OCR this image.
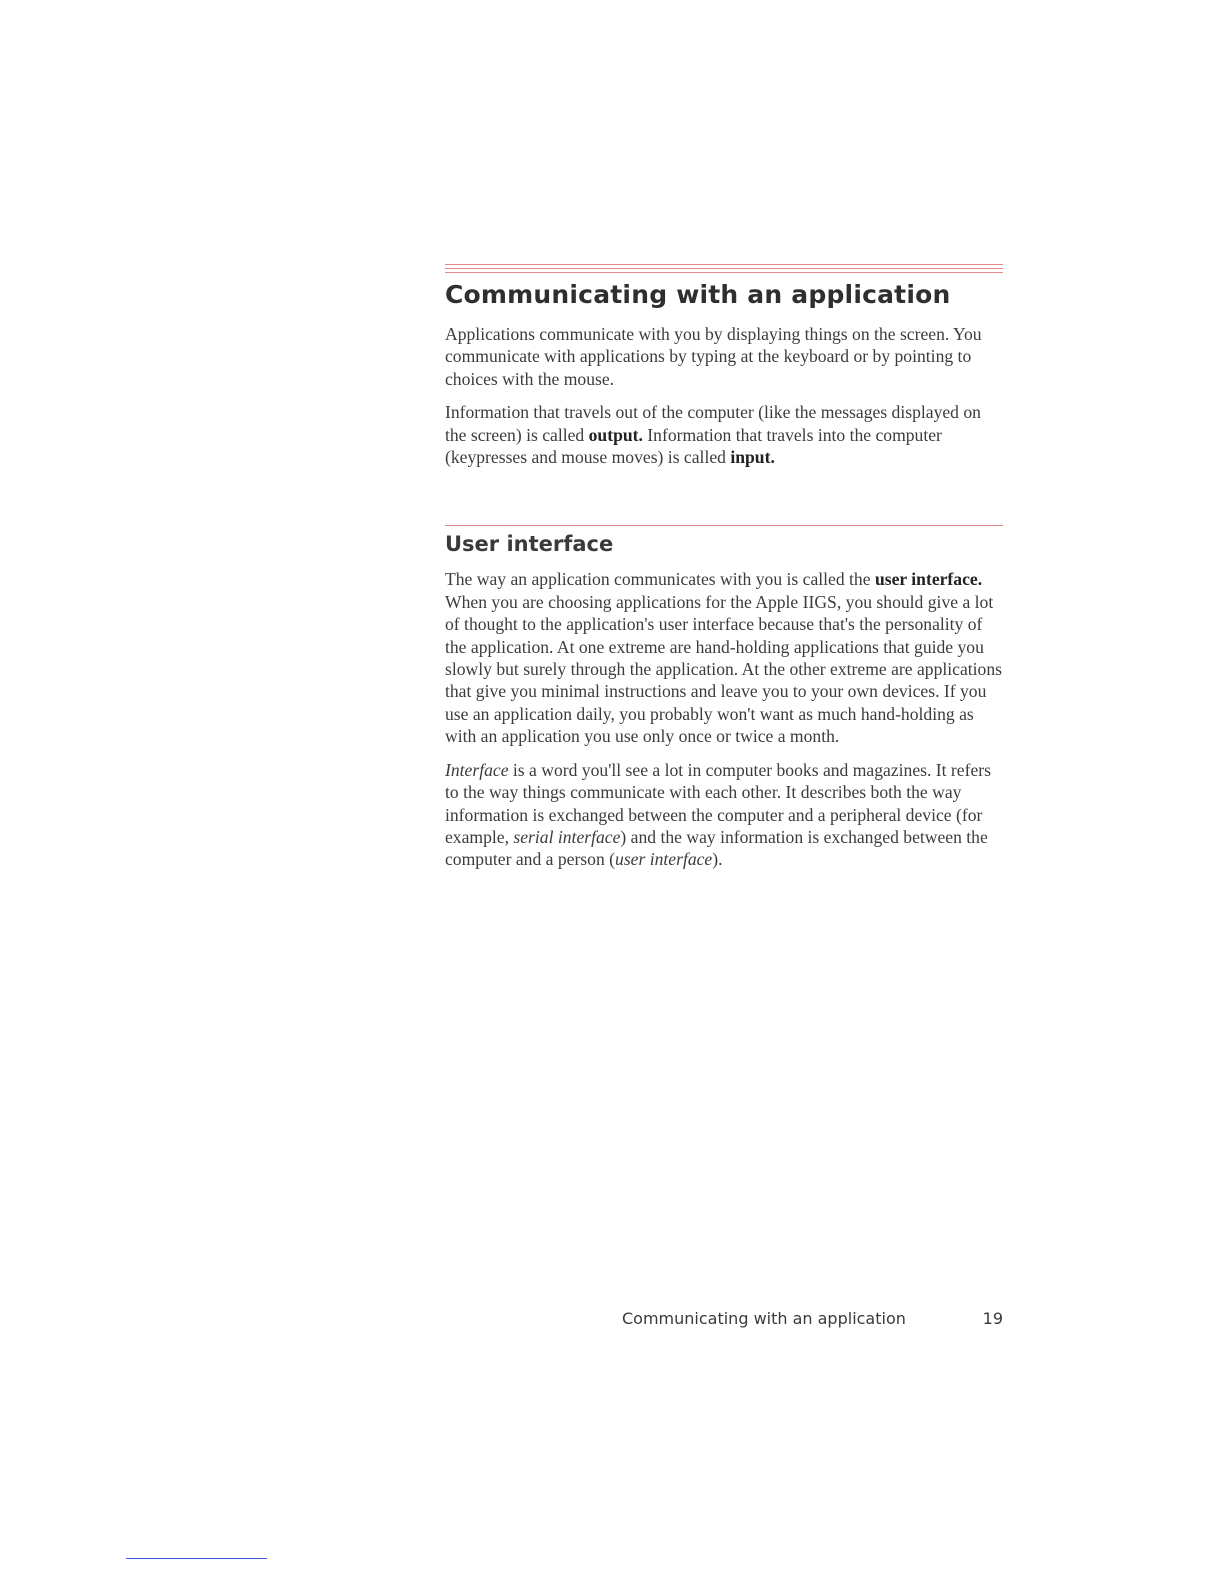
Communicating with an application

Applications communicate with you by displaying things on the screen. You communicate with applications by typing at the keyboard or by pointing to choices with the mouse.

Information that travels out of the computer (like the messages displayed on the screen) is called output. Information that travels into the computer (keypresses and mouse moves) is called input.

User interface

The way an application communicates with you is called the user interface. When you are choosing applications for the Apple IIGS, you should give a lot of thought to the application's user interface because that's the personality of the application. At one extreme are hand-holding applications that guide you slowly but surely through the application. At the other extreme are applications that give you minimal instructions and leave you to your own devices. If you use an application daily, you probably won't want as much hand-holding as with an application you use only once or twice a month.

Interface is a word you'll see a lot in computer books and magazines. It refers to the way things communicate with each other. It describes both the way information is exchanged between the computer and a peripheral device (for example, serial interface) and the way information is exchanged between the computer and a person (user interface).

Communicating with an application	19
